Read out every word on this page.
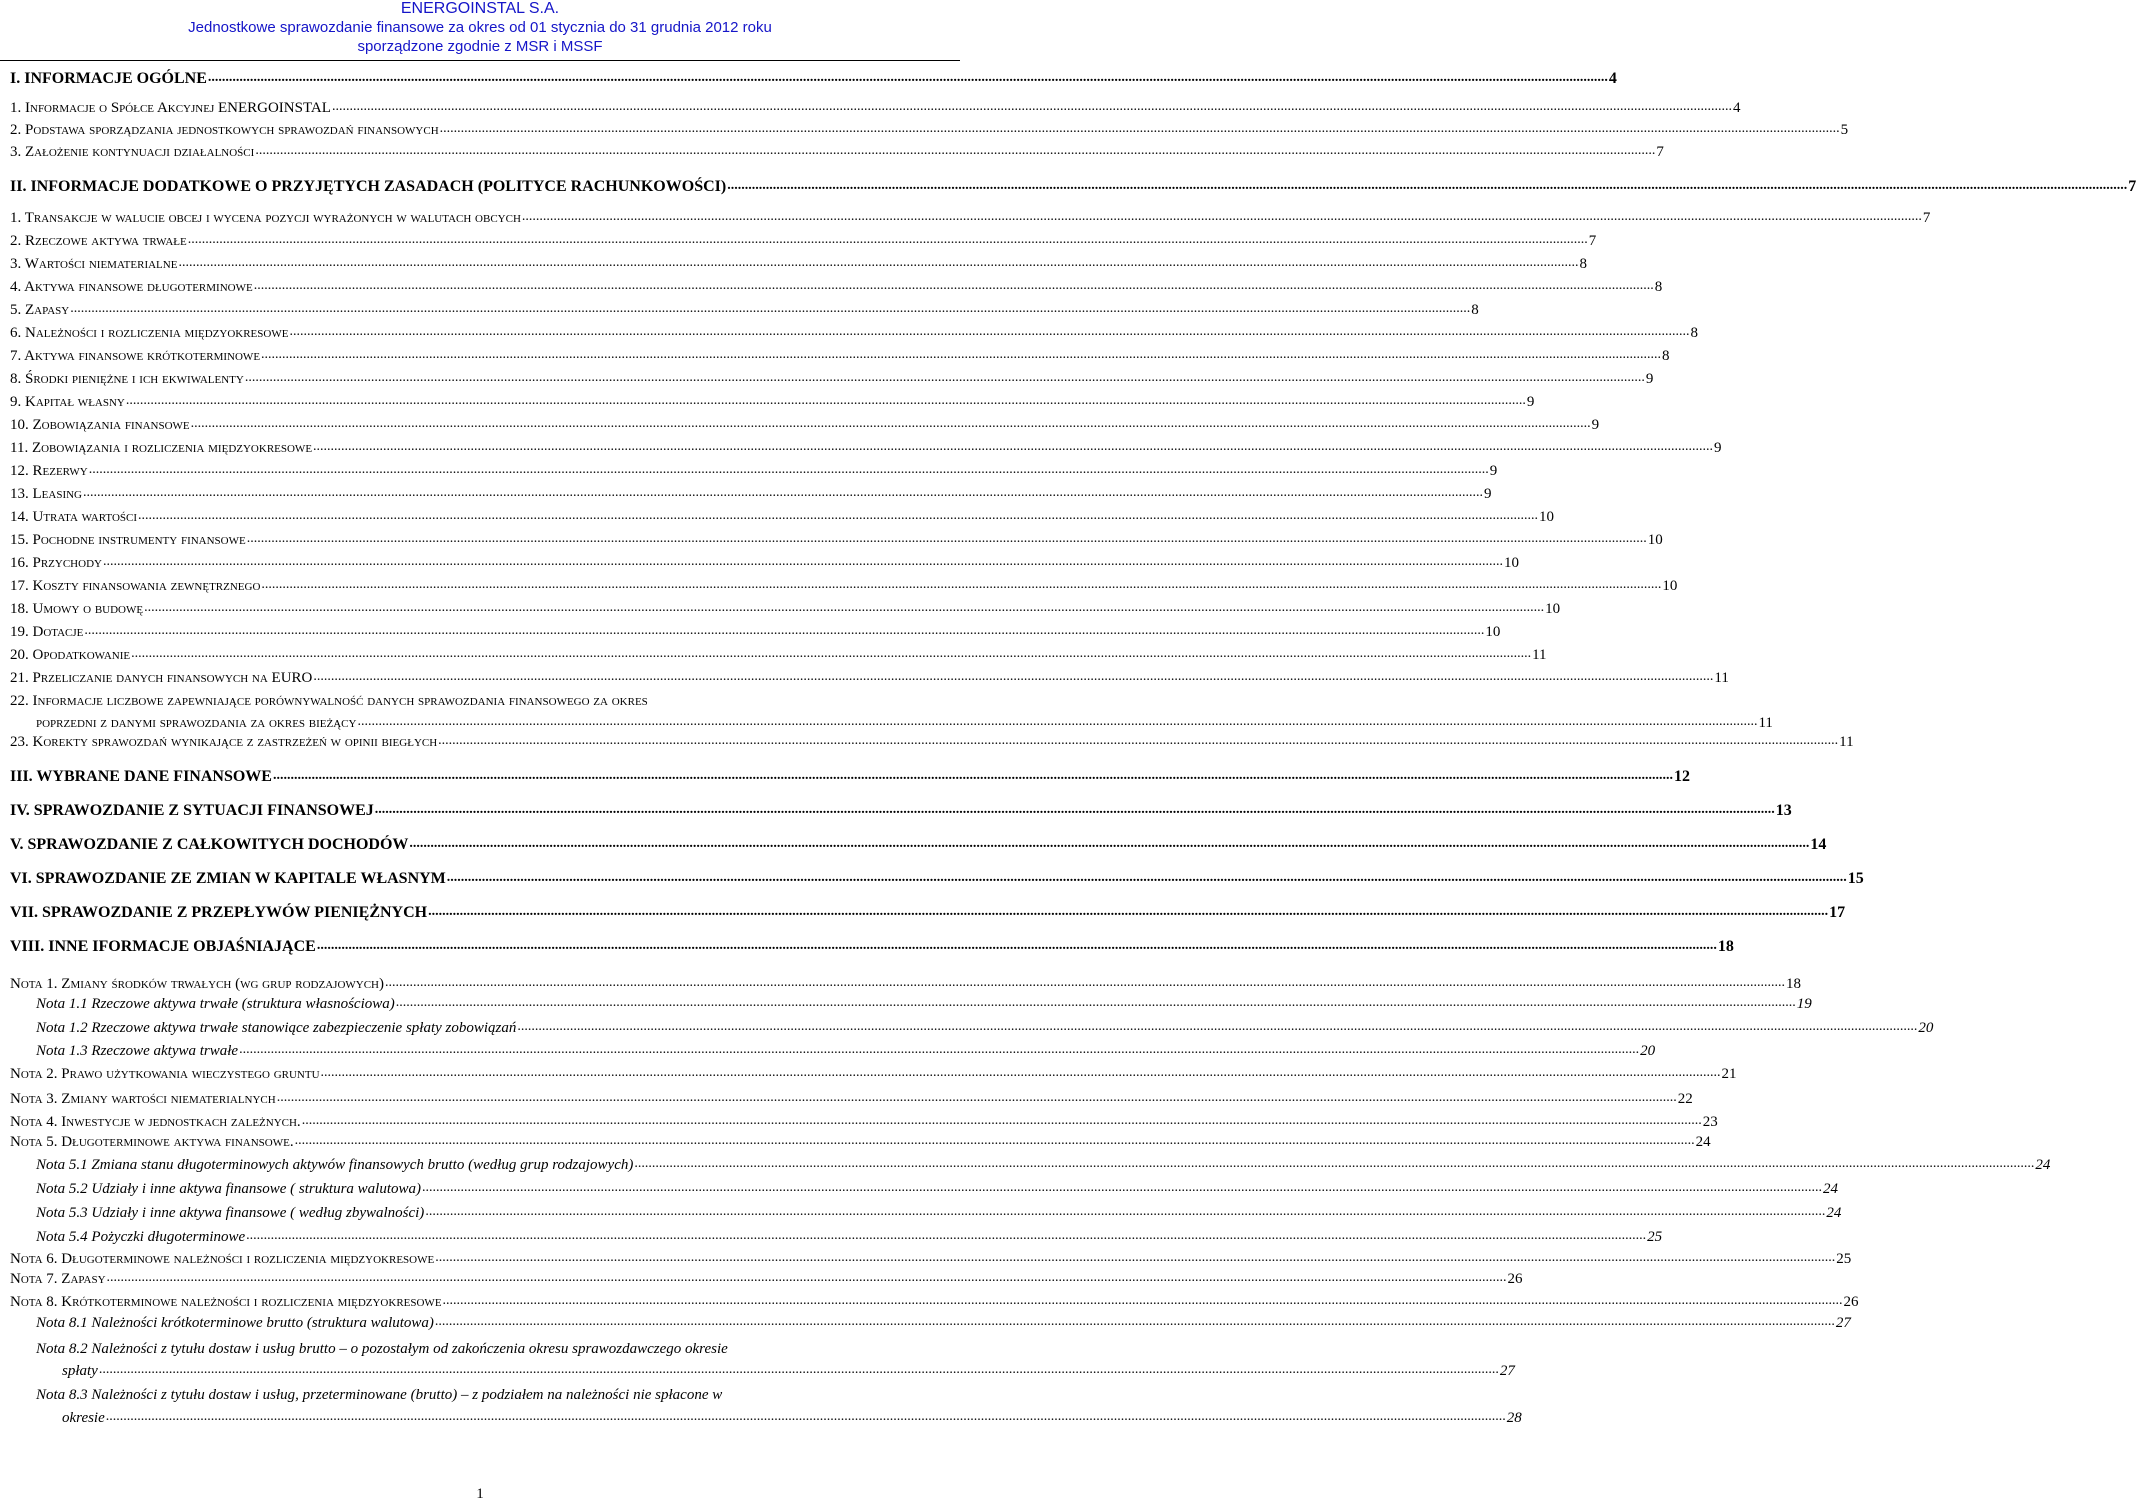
ENERGOINSTAL S.A.
Jednostkowe sprawozdanie finansowe za okres od 01 stycznia do 31 grudnia 2012 roku
sporządzone zgodnie z MSR i MSSF
I. INFORMACJE OGÓLNE ................................................................................................................................................................................................................................................................................................................................................................................................................ 4
1. Informacje o Spółce Akcyjnej ENERGOINSTAL ................................................................................................................................................................................................................................................................................................................................................................................................................ 4
2. Podstawa sporządzania jednostkowych sprawozdań finansowych ................................................................................................................................................................................................................................................................................................................................................................................................................ 5
3. Założenie kontynuacji działalności ................................................................................................................................................................................................................................................................................................................................................................................................................ 7
II. INFORMACJE DODATKOWE O PRZYJĘTYCH ZASADACH (POLITYCE RACHUNKOWOŚCI) ................................................................................................................................................................................................................................................................................................................................................................................................................ 7
1. Transakcje w walucie obcej i wycena pozycji wyrażonych w walutach obcych ................................................................................................................................................................................................................................................................................................................................................................................................................ 7
2. Rzeczowe aktywa trwałe ................................................................................................................................................................................................................................................................................................................................................................................................................ 7
3. Wartości niematerialne ................................................................................................................................................................................................................................................................................................................................................................................................................ 8
4. Aktywa finansowe długoterminowe ................................................................................................................................................................................................................................................................................................................................................................................................................ 8
5. Zapasy ................................................................................................................................................................................................................................................................................................................................................................................................................ 8
6. Należności i rozliczenia międzyokresowe ................................................................................................................................................................................................................................................................................................................................................................................................................ 8
7. Aktywa finansowe krótkoterminowe ................................................................................................................................................................................................................................................................................................................................................................................................................ 8
8. Środki pieniężne i ich ekwiwalenty ................................................................................................................................................................................................................................................................................................................................................................................................................ 9
9. Kapitał własny ................................................................................................................................................................................................................................................................................................................................................................................................................ 9
10. Zobowiązania finansowe ................................................................................................................................................................................................................................................................................................................................................................................................................ 9
11. Zobowiązania i rozliczenia międzyokresowe ................................................................................................................................................................................................................................................................................................................................................................................................................ 9
12. Rezerwy ................................................................................................................................................................................................................................................................................................................................................................................................................ 9
13. Leasing ................................................................................................................................................................................................................................................................................................................................................................................................................ 9
14. Utrata wartości ................................................................................................................................................................................................................................................................................................................................................................................................................ 10
15. Pochodne instrumenty finansowe ................................................................................................................................................................................................................................................................................................................................................................................................................ 10
16. Przychody ................................................................................................................................................................................................................................................................................................................................................................................................................ 10
17. Koszty finansowania zewnętrznego ................................................................................................................................................................................................................................................................................................................................................................................................................ 10
18. Umowy o budowę ................................................................................................................................................................................................................................................................................................................................................................................................................ 10
19. Dotacje ................................................................................................................................................................................................................................................................................................................................................................................................................ 10
20. Opodatkowanie ................................................................................................................................................................................................................................................................................................................................................................................................................ 11
21. Przeliczanie danych finansowych na EURO ................................................................................................................................................................................................................................................................................................................................................................................................................ 11
22. Informacje liczbowe zapewniające porównywalność danych sprawozdania finansowego za okres
poprzedni z danymi sprawozdania za okres bieżący ................................................................................................................................................................................................................................................................................................................................................................................................................ 11
23. Korekty sprawozdań wynikające z zastrzeżeń w opinii biegłych ................................................................................................................................................................................................................................................................................................................................................................................................................ 11
III. WYBRANE DANE FINANSOWE ................................................................................................................................................................................................................................................................................................................................................................................................................ 12
IV. SPRAWOZDANIE Z SYTUACJI FINANSOWEJ ................................................................................................................................................................................................................................................................................................................................................................................................................ 13
V. SPRAWOZDANIE Z CAŁKOWITYCH DOCHODÓW ................................................................................................................................................................................................................................................................................................................................................................................................................ 14
VI. SPRAWOZDANIE ZE ZMIAN W KAPITALE WŁASNYM ................................................................................................................................................................................................................................................................................................................................................................................................................ 15
VII. SPRAWOZDANIE Z PRZEPŁYWÓW PIENIĘŻNYCH ................................................................................................................................................................................................................................................................................................................................................................................................................ 17
VIII. INNE IFORMACJE OBJAŚNIAJĄCE ................................................................................................................................................................................................................................................................................................................................................................................................................ 18
Nota 1. Zmiany środków trwałych (wg grup rodzajowych) ................................................................................................................................................................................................................................................................................................................................................................................................................ 18
Nota 1.1 Rzeczowe aktywa trwałe (struktura własnościowa) ................................................................................................................................................................................................................................................................................................................................................................................................................ 19
Nota 1.2 Rzeczowe aktywa trwałe stanowiące zabezpieczenie spłaty zobowiązań ................................................................................................................................................................................................................................................................................................................................................................................................................ 20
Nota 1.3 Rzeczowe aktywa trwałe ................................................................................................................................................................................................................................................................................................................................................................................................................ 20
Nota 2. Prawo użytkowania wieczystego gruntu ................................................................................................................................................................................................................................................................................................................................................................................................................ 21
Nota 3. Zmiany wartości niematerialnych ................................................................................................................................................................................................................................................................................................................................................................................................................ 22
Nota 4. Inwestycje w jednostkach zależnych. ................................................................................................................................................................................................................................................................................................................................................................................................................ 23
Nota 5. Długoterminowe aktywa finansowe. ................................................................................................................................................................................................................................................................................................................................................................................................................ 24
Nota 5.1 Zmiana stanu długoterminowych aktywów finansowych brutto (według grup rodzajowych) ................................................................................................................................................................................................................................................................................................................................................................................................................ 24
Nota 5.2 Udziały i inne aktywa finansowe ( struktura walutowa) ................................................................................................................................................................................................................................................................................................................................................................................................................ 24
Nota 5.3 Udziały i inne aktywa finansowe ( według zbywalności) ................................................................................................................................................................................................................................................................................................................................................................................................................ 24
Nota 5.4 Pożyczki długoterminowe ................................................................................................................................................................................................................................................................................................................................................................................................................ 25
Nota 6. Długoterminowe należności i rozliczenia międzyokresowe ................................................................................................................................................................................................................................................................................................................................................................................................................ 25
Nota 7. Zapasy ................................................................................................................................................................................................................................................................................................................................................................................................................ 26
Nota 8. Krótkoterminowe należności i rozliczenia międzyokresowe ................................................................................................................................................................................................................................................................................................................................................................................................................ 26
Nota 8.1 Należności krótkoterminowe brutto (struktura walutowa) ................................................................................................................................................................................................................................................................................................................................................................................................................ 27
Nota 8.2 Należności z tytułu dostaw i usług brutto – o pozostałym od zakończenia okresu sprawozdawczego okresie
spłaty ................................................................................................................................................................................................................................................................................................................................................................................................................ 27
Nota 8.3 Należności z tytułu dostaw i usług, przeterminowane (brutto) – z podziałem na należności nie spłacone w
okresie ................................................................................................................................................................................................................................................................................................................................................................................................................ 28
1
